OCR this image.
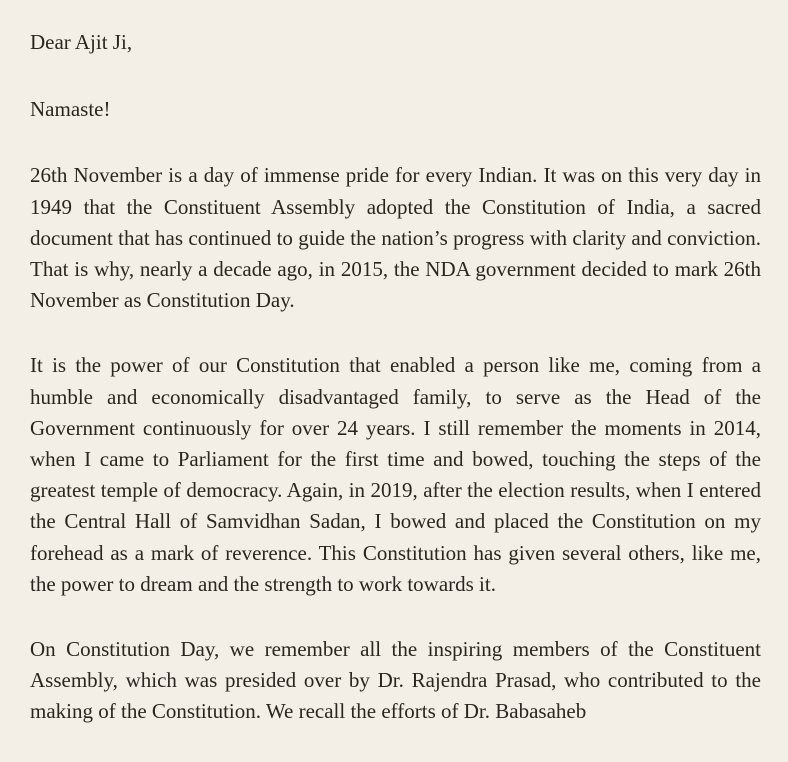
Dear Ajit Ji,

Namaste!

26th November is a day of immense pride for every Indian. It was on this very day in 1949 that the Constituent Assembly adopted the Constitution of India, a sacred document that has continued to guide the nation’s progress with clarity and conviction. That is why, nearly a decade ago, in 2015, the NDA government decided to mark 26th November as Constitution Day.

It is the power of our Constitution that enabled a person like me, coming from a humble and economically disadvantaged family, to serve as the Head of the Government continuously for over 24 years. I still remember the moments in 2014, when I came to Parliament for the first time and bowed, touching the steps of the greatest temple of democracy. Again, in 2019, after the election results, when I entered the Central Hall of Samvidhan Sadan, I bowed and placed the Constitution on my forehead as a mark of reverence. This Constitution has given several others, like me, the power to dream and the strength to work towards it.

On Constitution Day, we remember all the inspiring members of the Constituent Assembly, which was presided over by Dr. Rajendra Prasad, who contributed to the making of the Constitution. We recall the efforts of Dr. Babasaheb
